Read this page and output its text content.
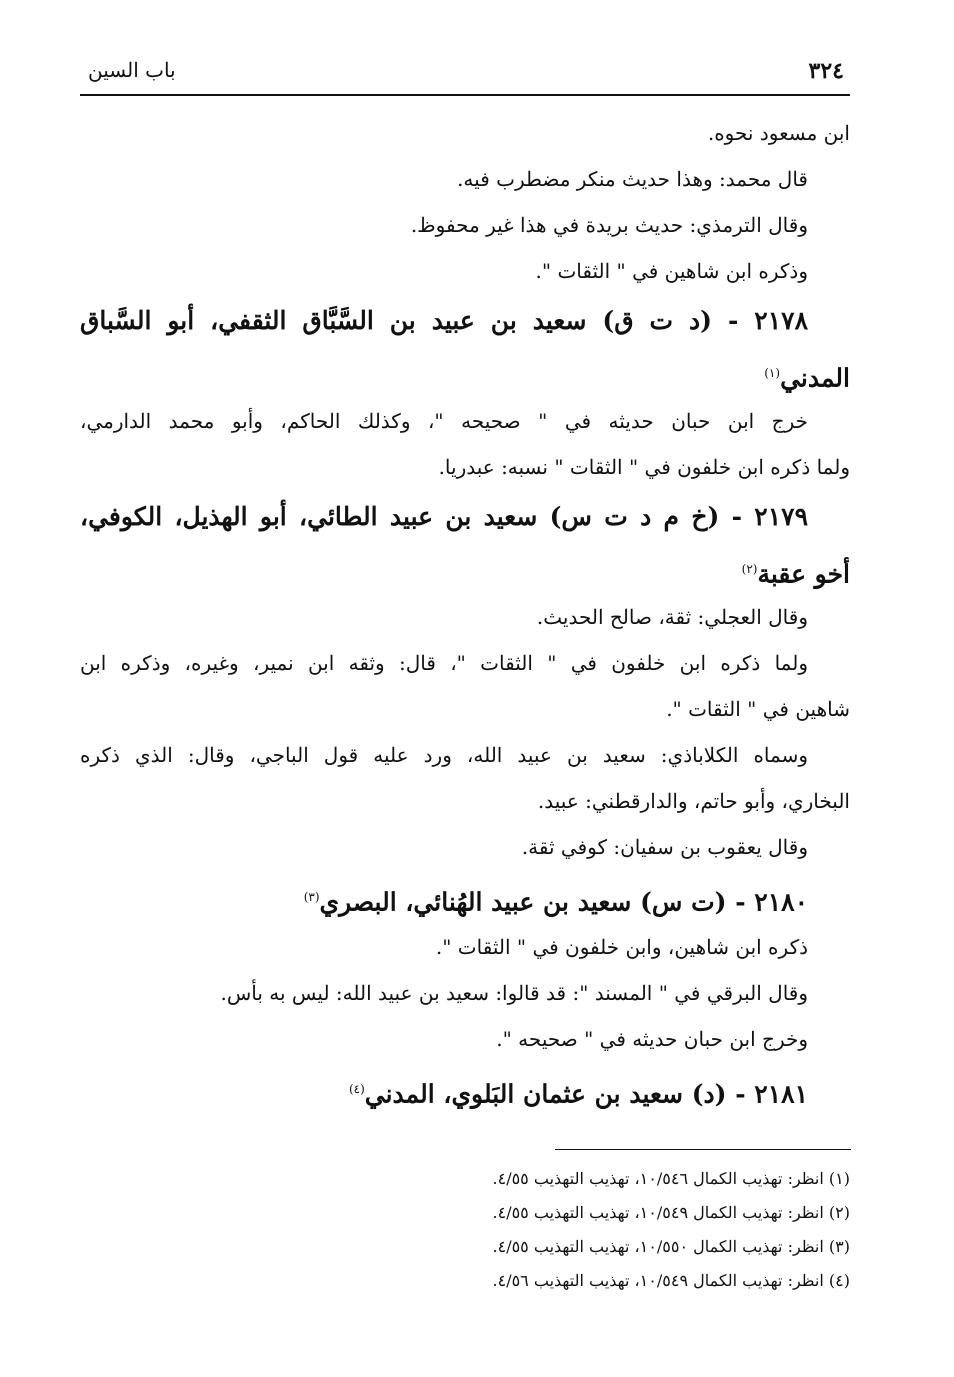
٣٢٤
باب السين
ابن مسعود نحوه.
قال محمد: وهذا حديث منكر مضطرب فيه.
وقال الترمذي: حديث بريدة في هذا غير محفوظ.
وذكره ابن شاهين في " الثقات ".
٢١٧٨ - (د ت ق) سعيد بن عبيد بن السَّبَّاق الثقفي، أبو السَّباق
المدني$^{(١)}$
خرج ابن حبان حديثه في " صحيحه "، وكذلك الحاكم، وأبو محمد الدارمي،
ولما ذكره ابن خلفون في " الثقات " نسبه: عبدريا.
٢١٧٩ - (خ م د ت س) سعيد بن عبيد الطائي، أبو الهذيل، الكوفي،
أخو عقبة$^{(٢)}$
وقال العجلي: ثقة، صالح الحديث.
ولما ذكره ابن خلفون في " الثقات "، قال: وثقه ابن نمير، وغيره، وذكره ابن
شاهين في " الثقات ".
وسماه الكلاباذي: سعيد بن عبيد الله، ورد عليه قول الباجي، وقال: الذي ذكره
البخاري، وأبو حاتم، والدارقطني: عبيد.
وقال يعقوب بن سفيان: كوفي ثقة.
٢١٨٠ - (ت س) سعيد بن عبيد الهُنائي، البصري$^{(٣)}$
ذكره ابن شاهين، وابن خلفون في " الثقات ".
وقال البرقي في " المسند ": قد قالوا: سعيد بن عبيد الله: ليس به بأس.
وخرج ابن حبان حديثه في " صحيحه ".
٢١٨١ - (د) سعيد بن عثمان البَلوي، المدني$^{(٤)}$
(١) انظر: تهذيب الكمال ١٠/٥٤٦، تهذيب التهذيب ٤/٥٥.
(٢) انظر: تهذيب الكمال ١٠/٥٤٩، تهذيب التهذيب ٤/٥٥.
(٣) انظر: تهذيب الكمال ١٠/٥٥٠، تهذيب التهذيب ٤/٥٥.
(٤) انظر: تهذيب الكمال ١٠/٥٤٩، تهذيب التهذيب ٤/٥٦.
